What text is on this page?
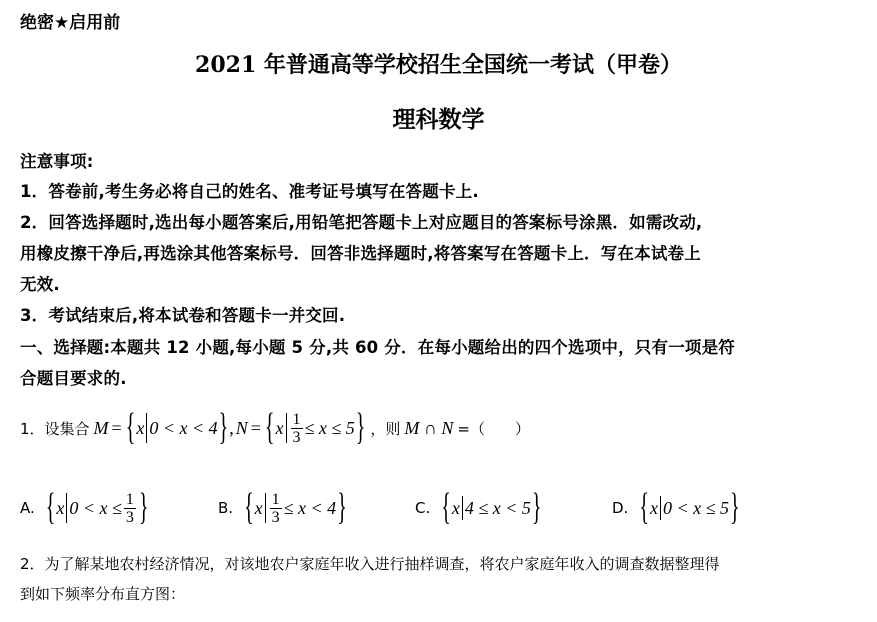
绝密★启用前
2021 年普通高等学校招生全国统一考试（甲卷）
理科数学
注意事项:
1．答卷前,考生务必将自己的姓名、准考证号填写在答题卡上.
2．回答选择题时,选出每小题答案后,用铅笔把答题卡上对应题目的答案标号涂黑．如需改动,
用橡皮擦干净后,再选涂其他答案标号．回答非选择题时,将答案写在答题卡上．写在本试卷上
无效.
3．考试结束后,将本试卷和答题卡一并交回.
一、选择题:本题共 12 小题,每小题 5 分,共 60 分．在每小题给出的四个选项中，只有一项是符
合题目要求的.
1．设集合 M = { x 0 < x < 4 } , N = { x $\frac{1}{3} \le x \le 5$ } ，则 M ∩ N =（　　）
A. { x $0 < x \le \frac{1}{3}$ }	B. { x $\frac{1}{3} \le x < 4$ }	C. { x 4 ≤ x < 5 }	D. { x 0 < x ≤ 5 }
2．为了解某地农村经济情况，对该地农户家庭年收入进行抽样调查，将农户家庭年收入的调查数据整理得
到如下频率分布直方图：
